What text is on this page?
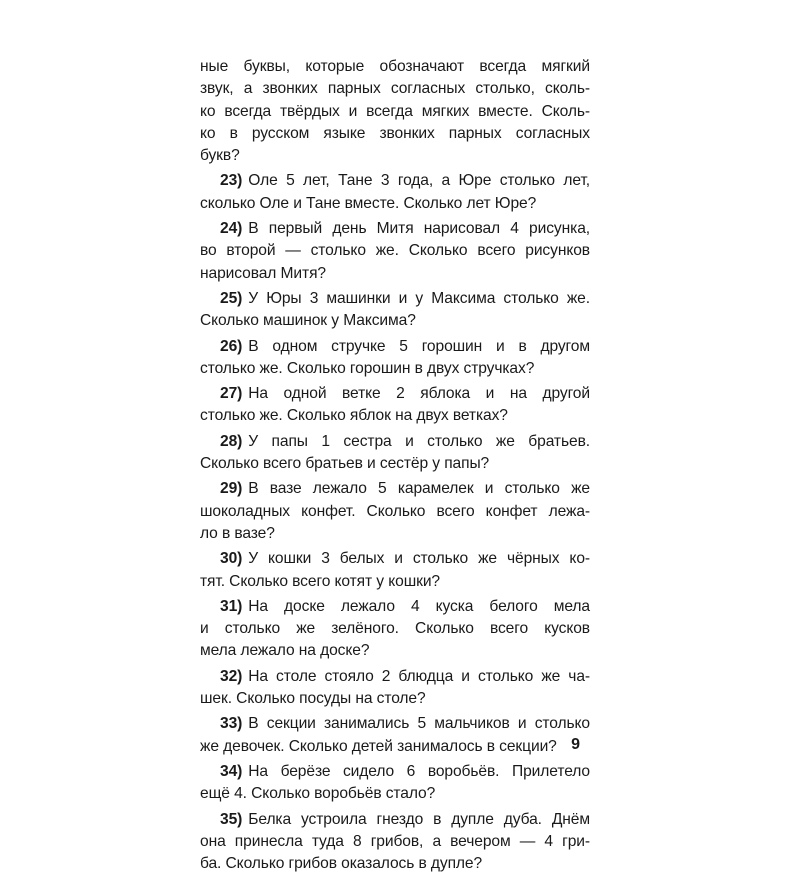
ные буквы, которые обозначают всегда мягкий
звук, а звонких парных согласных столько, сколь-
ко всегда твёрдых и всегда мягких вместе. Сколь-
ко в русском языке звонких парных согласных
букв?
23) Оле 5 лет, Тане 3 года, а Юре столько лет,
сколько Оле и Тане вместе. Сколько лет Юре?
24) В первый день Митя нарисовал 4 рисунка,
во второй — столько же. Сколько всего рисунков
нарисовал Митя?
25) У Юры 3 машинки и у Максима столько же.
Сколько машинок у Максима?
26) В одном стручке 5 горошин и в другом
столько же. Сколько горошин в двух стручках?
27) На одной ветке 2 яблока и на другой
столько же. Сколько яблок на двух ветках?
28) У папы 1 сестра и столько же братьев.
Сколько всего братьев и сестёр у папы?
29) В вазе лежало 5 карамелек и столько же
шоколадных конфет. Сколько всего конфет лежа-
ло в вазе?
30) У кошки 3 белых и столько же чёрных ко-
тят. Сколько всего котят у кошки?
31) На доске лежало 4 куска белого мела
и столько же зелёного. Сколько всего кусков
мела лежало на доске?
32) На столе стояло 2 блюдца и столько же ча-
шек. Сколько посуды на столе?
33) В секции занимались 5 мальчиков и столько
же девочек. Сколько детей занималось в секции?
34) На берёзе сидело 6 воробьёв. Прилетело
ещё 4. Сколько воробьёв стало?
35) Белка устроила гнездо в дупле дуба. Днём
она принесла туда 8 грибов, а вечером — 4 гри-
ба. Сколько грибов оказалось в дупле?
9
